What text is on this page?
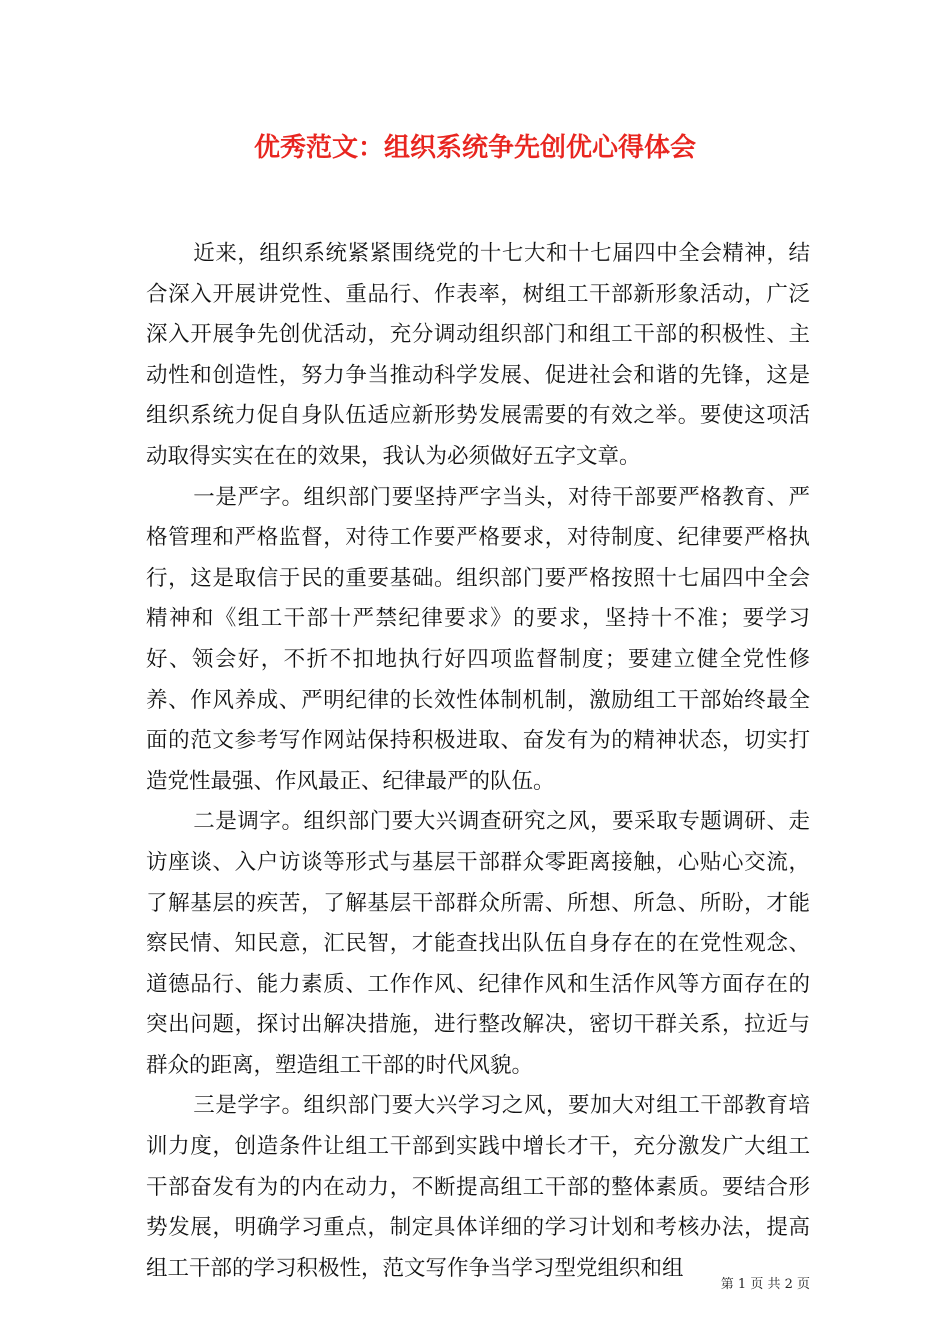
优秀范文：组织系统争先创优心得体会

近来，组织系统紧紧围绕党的十七大和十七届四中全会精神，结合深入开展讲党性、重品行、作表率，树组工干部新形象活动，广泛深入开展争先创优活动，充分调动组织部门和组工干部的积极性、主动性和创造性，努力争当推动科学发展、促进社会和谐的先锋，这是组织系统力促自身队伍适应新形势发展需要的有效之举。要使这项活动取得实实在在的效果，我认为必须做好五字文章。

一是严字。组织部门要坚持严字当头，对待干部要严格教育、严格管理和严格监督，对待工作要严格要求，对待制度、纪律要严格执行，这是取信于民的重要基础。组织部门要严格按照十七届四中全会精神和《组工干部十严禁纪律要求》的要求，坚持十不准；要学习好、领会好，不折不扣地执行好四项监督制度；要建立健全党性修养、作风养成、严明纪律的长效性体制机制，激励组工干部始终最全面的范文参考写作网站保持积极进取、奋发有为的精神状态，切实打造党性最强、作风最正、纪律最严的队伍。

二是调字。组织部门要大兴调查研究之风，要采取专题调研、走访座谈、入户访谈等形式与基层干部群众零距离接触，心贴心交流，了解基层的疾苦，了解基层干部群众所需、所想、所急、所盼，才能察民情、知民意，汇民智，才能查找出队伍自身存在的在党性观念、道德品行、能力素质、工作作风、纪律作风和生活作风等方面存在的突出问题，探讨出解决措施，进行整改解决，密切干群关系，拉近与群众的距离，塑造组工干部的时代风貌。

三是学字。组织部门要大兴学习之风，要加大对组工干部教育培训力度，创造条件让组工干部到实践中增长才干，充分激发广大组工干部奋发有为的内在动力，不断提高组工干部的整体素质。要结合形势发展，明确学习重点，制定具体详细的学习计划和考核办法，提高组工干部的学习积极性，范文写作争当学习型党组织和组

第 1 页 共 2 页
